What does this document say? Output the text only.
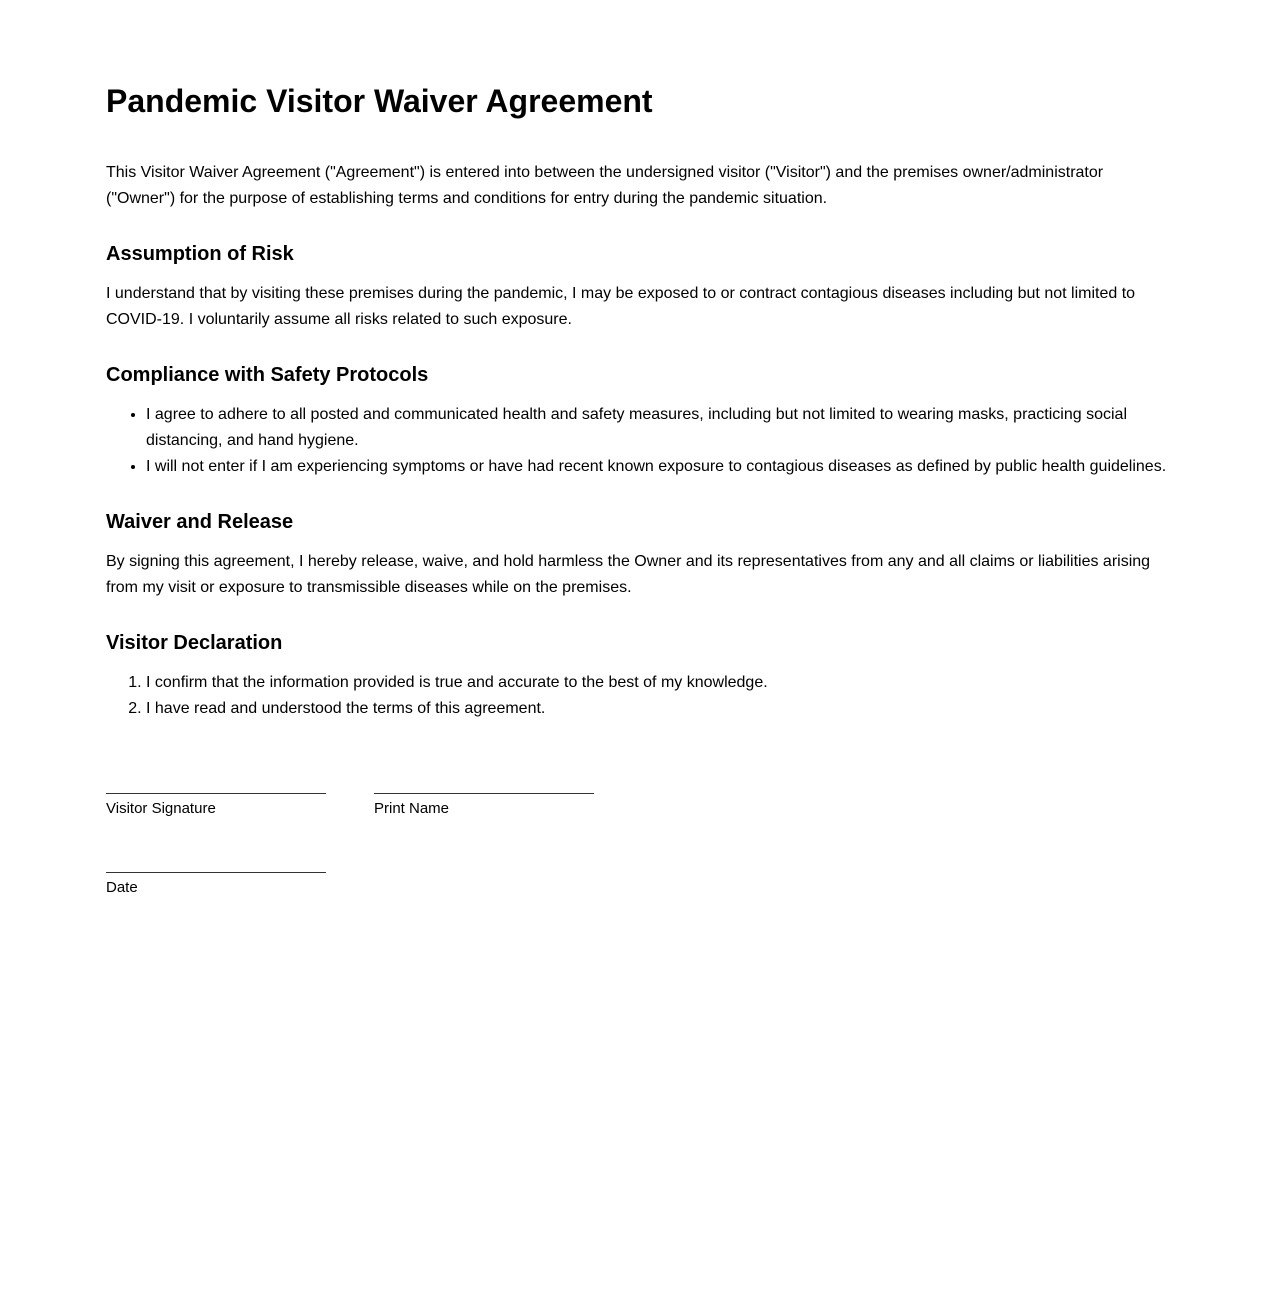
Pandemic Visitor Waiver Agreement

This Visitor Waiver Agreement ("Agreement") is entered into between the undersigned visitor ("Visitor") and the premises owner/administrator ("Owner") for the purpose of establishing terms and conditions for entry during the pandemic situation.

Assumption of Risk

I understand that by visiting these premises during the pandemic, I may be exposed to or contract contagious diseases including but not limited to COVID-19. I voluntarily assume all risks related to such exposure.

Compliance with Safety Protocols
• I agree to adhere to all posted and communicated health and safety measures, including but not limited to wearing masks, practicing social distancing, and hand hygiene.
• I will not enter if I am experiencing symptoms or have had recent known exposure to contagious diseases as defined by public health guidelines.
Waiver and Release

By signing this agreement, I hereby release, waive, and hold harmless the Owner and its representatives from any and all claims or liabilities arising from my visit or exposure to transmissible diseases while on the premises.

Visitor Declaration
1. I confirm that the information provided is true and accurate to the best of my knowledge.
2. I have read and understood the terms of this agreement.
Visitor Signature	Print Name
Date
